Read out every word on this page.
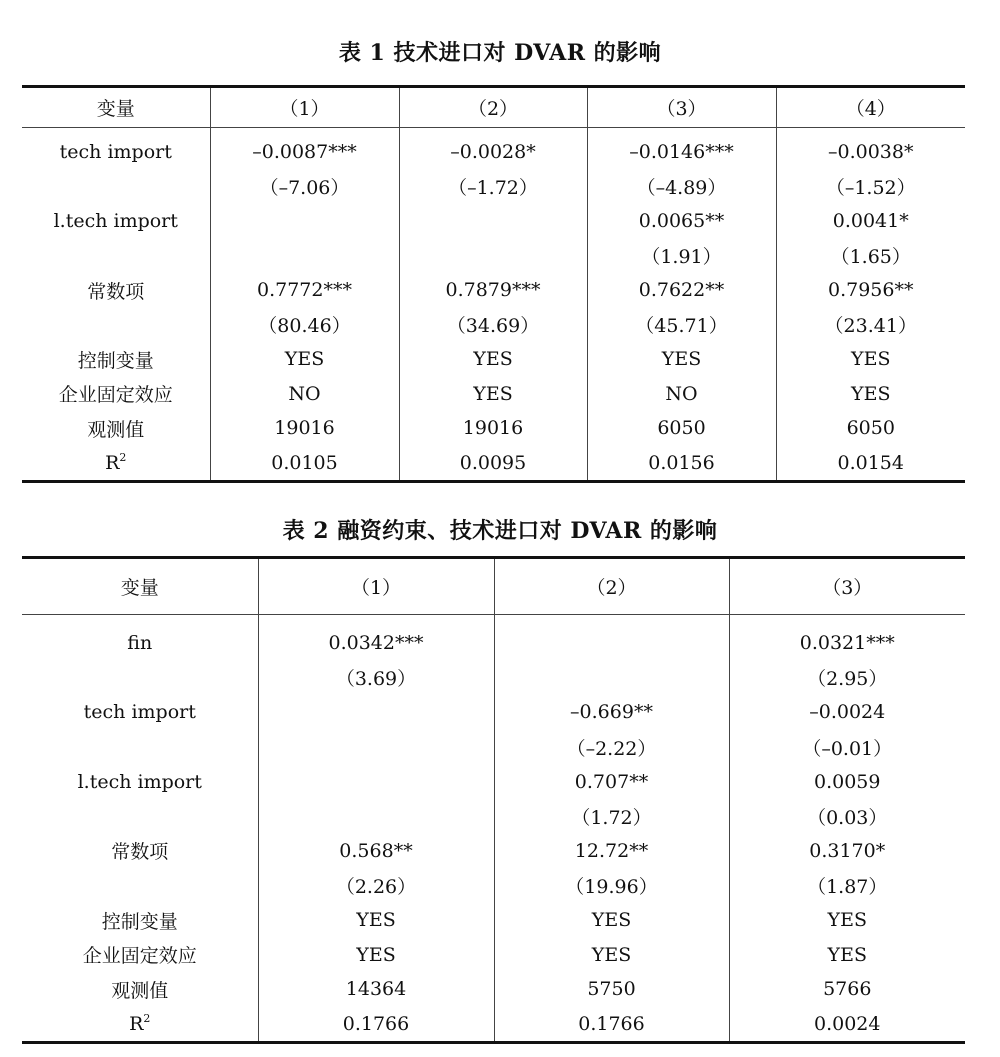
表 1 技术进口对 DVAR 的影响
变量	（1）	（2）	（3）	（4）
tech import	–0.0087***	–0.0028*	–0.0146***	–0.0038*
	（–7.06）	（–1.72）	（–4.89）	（–1.52）
l.tech import			0.0065**	0.0041*
			（1.91）	（1.65）
常数项	0.7772***	0.7879***	0.7622**	0.7956**
	（80.46）	（34.69）	（45.71）	（23.41）
控制变量	YES	YES	YES	YES
企业固定效应	NO	YES	NO	YES
观测值	19016	19016	6050	6050
$R^2$	0.0105	0.0095	0.0156	0.0154
表 2 融资约束、技术进口对 DVAR 的影响
变量	（1）	（2）	（3）
fin	0.0342***		0.0321***
	（3.69）		（2.95）
tech import		–0.669**	–0.0024
		（–2.22）	（–0.01）
l.tech import		0.707**	0.0059
		（1.72）	（0.03）
常数项	0.568**	12.72**	0.3170*
	（2.26）	（19.96）	（1.87）
控制变量	YES	YES	YES
企业固定效应	YES	YES	YES
观测值	14364	5750	5766
$R^2$	0.1766	0.1766	0.0024
